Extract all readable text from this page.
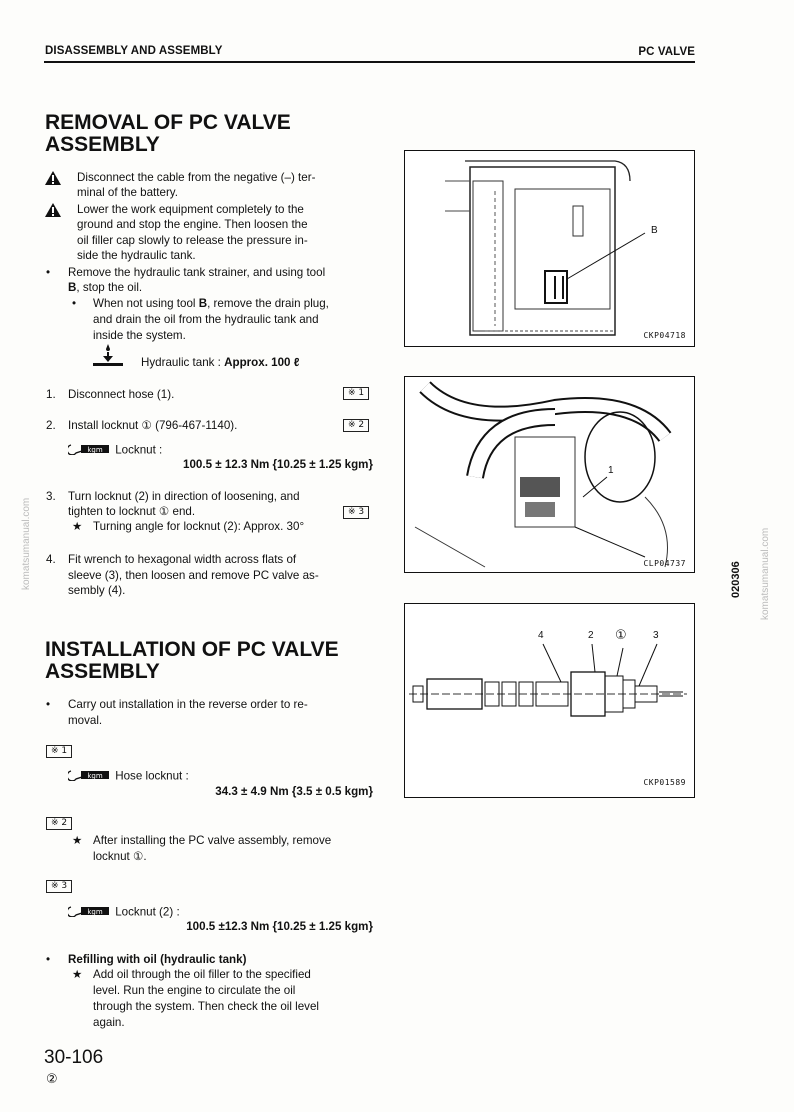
DISASSEMBLY AND ASSEMBLY	PC VALVE
komatsumanual.com	komatsumanual.com
020306
REMOVAL OF PC VALVE
ASSEMBLY
Disconnect the cable from the negative (–) ter-
minal of the battery.
Lower the work equipment completely to the
ground and stop the engine. Then loosen the
oil filler cap slowly to release the pressure in-
side the hydraulic tank.
• Remove the hydraulic tank strainer, and using tool
B, stop the oil.
• When not using tool B, remove the drain plug,
and drain the oil from the hydraulic tank and
inside the system.
Hydraulic tank : Approx. 100 ℓ
1. Disconnect hose (1).	※ 1
2. Install locknut ① (796-467-1140).	※ 2
kgm Locknut :
100.5 ± 12.3 Nm {10.25 ± 1.25 kgm}
3. Turn locknut (2) in direction of loosening, and
tighten to locknut ① end.	※ 3
★ Turning angle for locknut (2): Approx. 30°
4. Fit wrench to hexagonal width across flats of
sleeve (3), then loosen and remove PC valve as-
sembly (4).
INSTALLATION OF PC VALVE
ASSEMBLY
• Carry out installation in the reverse order to re-
moval.
※ 1
kgm Hose locknut :
34.3 ± 4.9 Nm {3.5 ± 0.5 kgm}
※ 2
★ After installing the PC valve assembly, remove
locknut ①.
※ 3
kgm Locknut (2) :
100.5 ±12.3 Nm {10.25 ± 1.25 kgm}
• Refilling with oil (hydraulic tank)
★ Add oil through the oil filler to the specified
level. Run the engine to circulate the oil
through the system. Then check the oil level
again.
30-106
②
B
CKP04718
1
CLP04737
4	2 ①	3
CKP01589
